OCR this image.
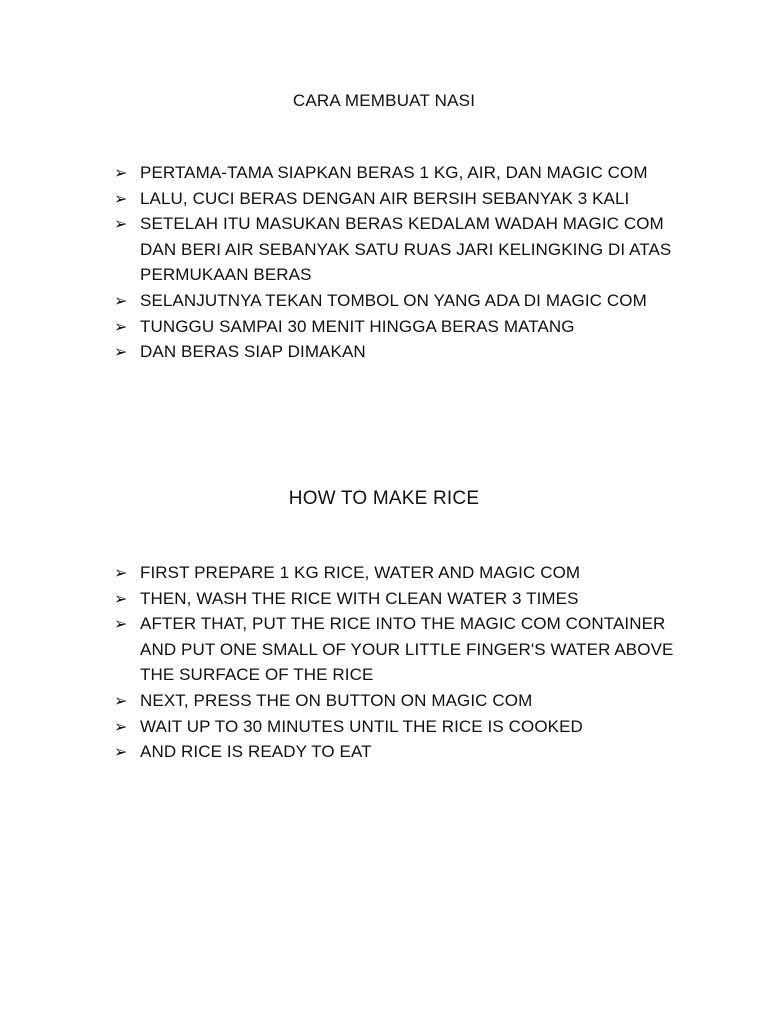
CARA MEMBUAT NASI
➢ PERTAMA-TAMA SIAPKAN BERAS 1 KG, AIR, DAN MAGIC COM
➢ LALU, CUCI BERAS DENGAN AIR BERSIH SEBANYAK 3 KALI
➢ SETELAH ITU MASUKAN BERAS KEDALAM WADAH MAGIC COM DAN BERI AIR SEBANYAK SATU RUAS JARI KELINGKING DI ATAS PERMUKAAN BERAS
➢ SELANJUTNYA TEKAN TOMBOL ON YANG ADA DI MAGIC COM
➢ TUNGGU SAMPAI 30 MENIT HINGGA BERAS MATANG
➢ DAN BERAS SIAP DIMAKAN
HOW TO MAKE RICE
➢ FIRST PREPARE 1 KG RICE, WATER AND MAGIC COM
➢ THEN, WASH THE RICE WITH CLEAN WATER 3 TIMES
➢ AFTER THAT, PUT THE RICE INTO THE MAGIC COM CONTAINER AND PUT ONE SMALL OF YOUR LITTLE FINGER'S WATER ABOVE THE SURFACE OF THE RICE
➢ NEXT, PRESS THE ON BUTTON ON MAGIC COM
➢ WAIT UP TO 30 MINUTES UNTIL THE RICE IS COOKED
➢ AND RICE IS READY TO EAT
